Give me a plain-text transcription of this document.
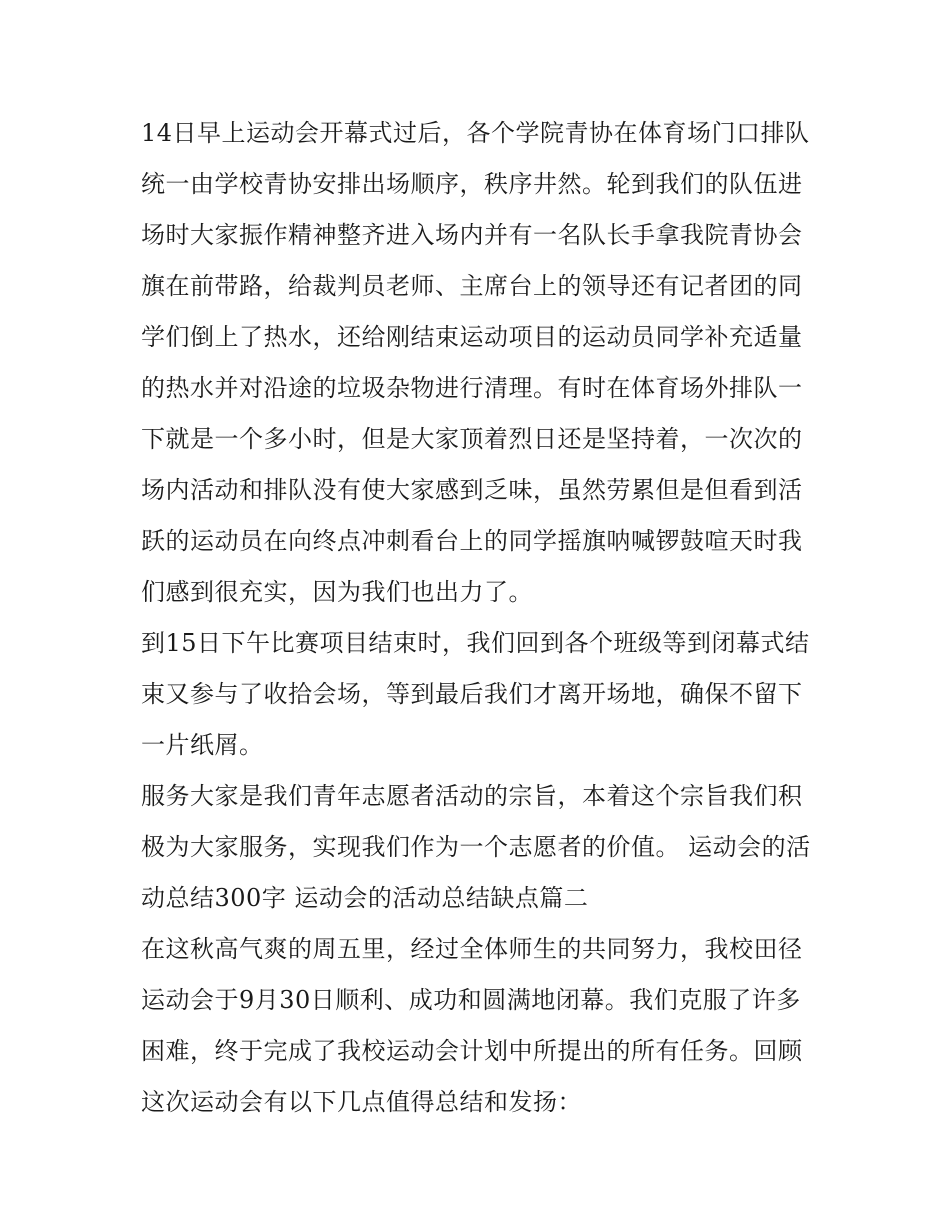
14日早上运动会开幕式过后，各个学院青协在体育场门口排队统一由学校青协安排出场顺序，秩序井然。轮到我们的队伍进场时大家振作精神整齐进入场内并有一名队长手拿我院青协会旗在前带路，给裁判员老师、主席台上的领导还有记者团的同学们倒上了热水，还给刚结束运动项目的运动员同学补充适量的热水并对沿途的垃圾杂物进行清理。有时在体育场外排队一下就是一个多小时，但是大家顶着烈日还是坚持着，一次次的场内活动和排队没有使大家感到乏味，虽然劳累但是但看到活跃的运动员在向终点冲刺看台上的同学摇旗呐喊锣鼓喧天时我们感到很充实，因为我们也出力了。

到15日下午比赛项目结束时，我们回到各个班级等到闭幕式结束又参与了收拾会场，等到最后我们才离开场地，确保不留下一片纸屑。

服务大家是我们青年志愿者活动的宗旨，本着这个宗旨我们积极为大家服务，实现我们作为一个志愿者的价值。 运动会的活动总结300字 运动会的活动总结缺点篇二

在这秋高气爽的周五里，经过全体师生的共同努力，我校田径运动会于9月30日顺利、成功和圆满地闭幕。我们克服了许多困难，终于完成了我校运动会计划中所提出的所有任务。回顾这次运动会有以下几点值得总结和发扬：
